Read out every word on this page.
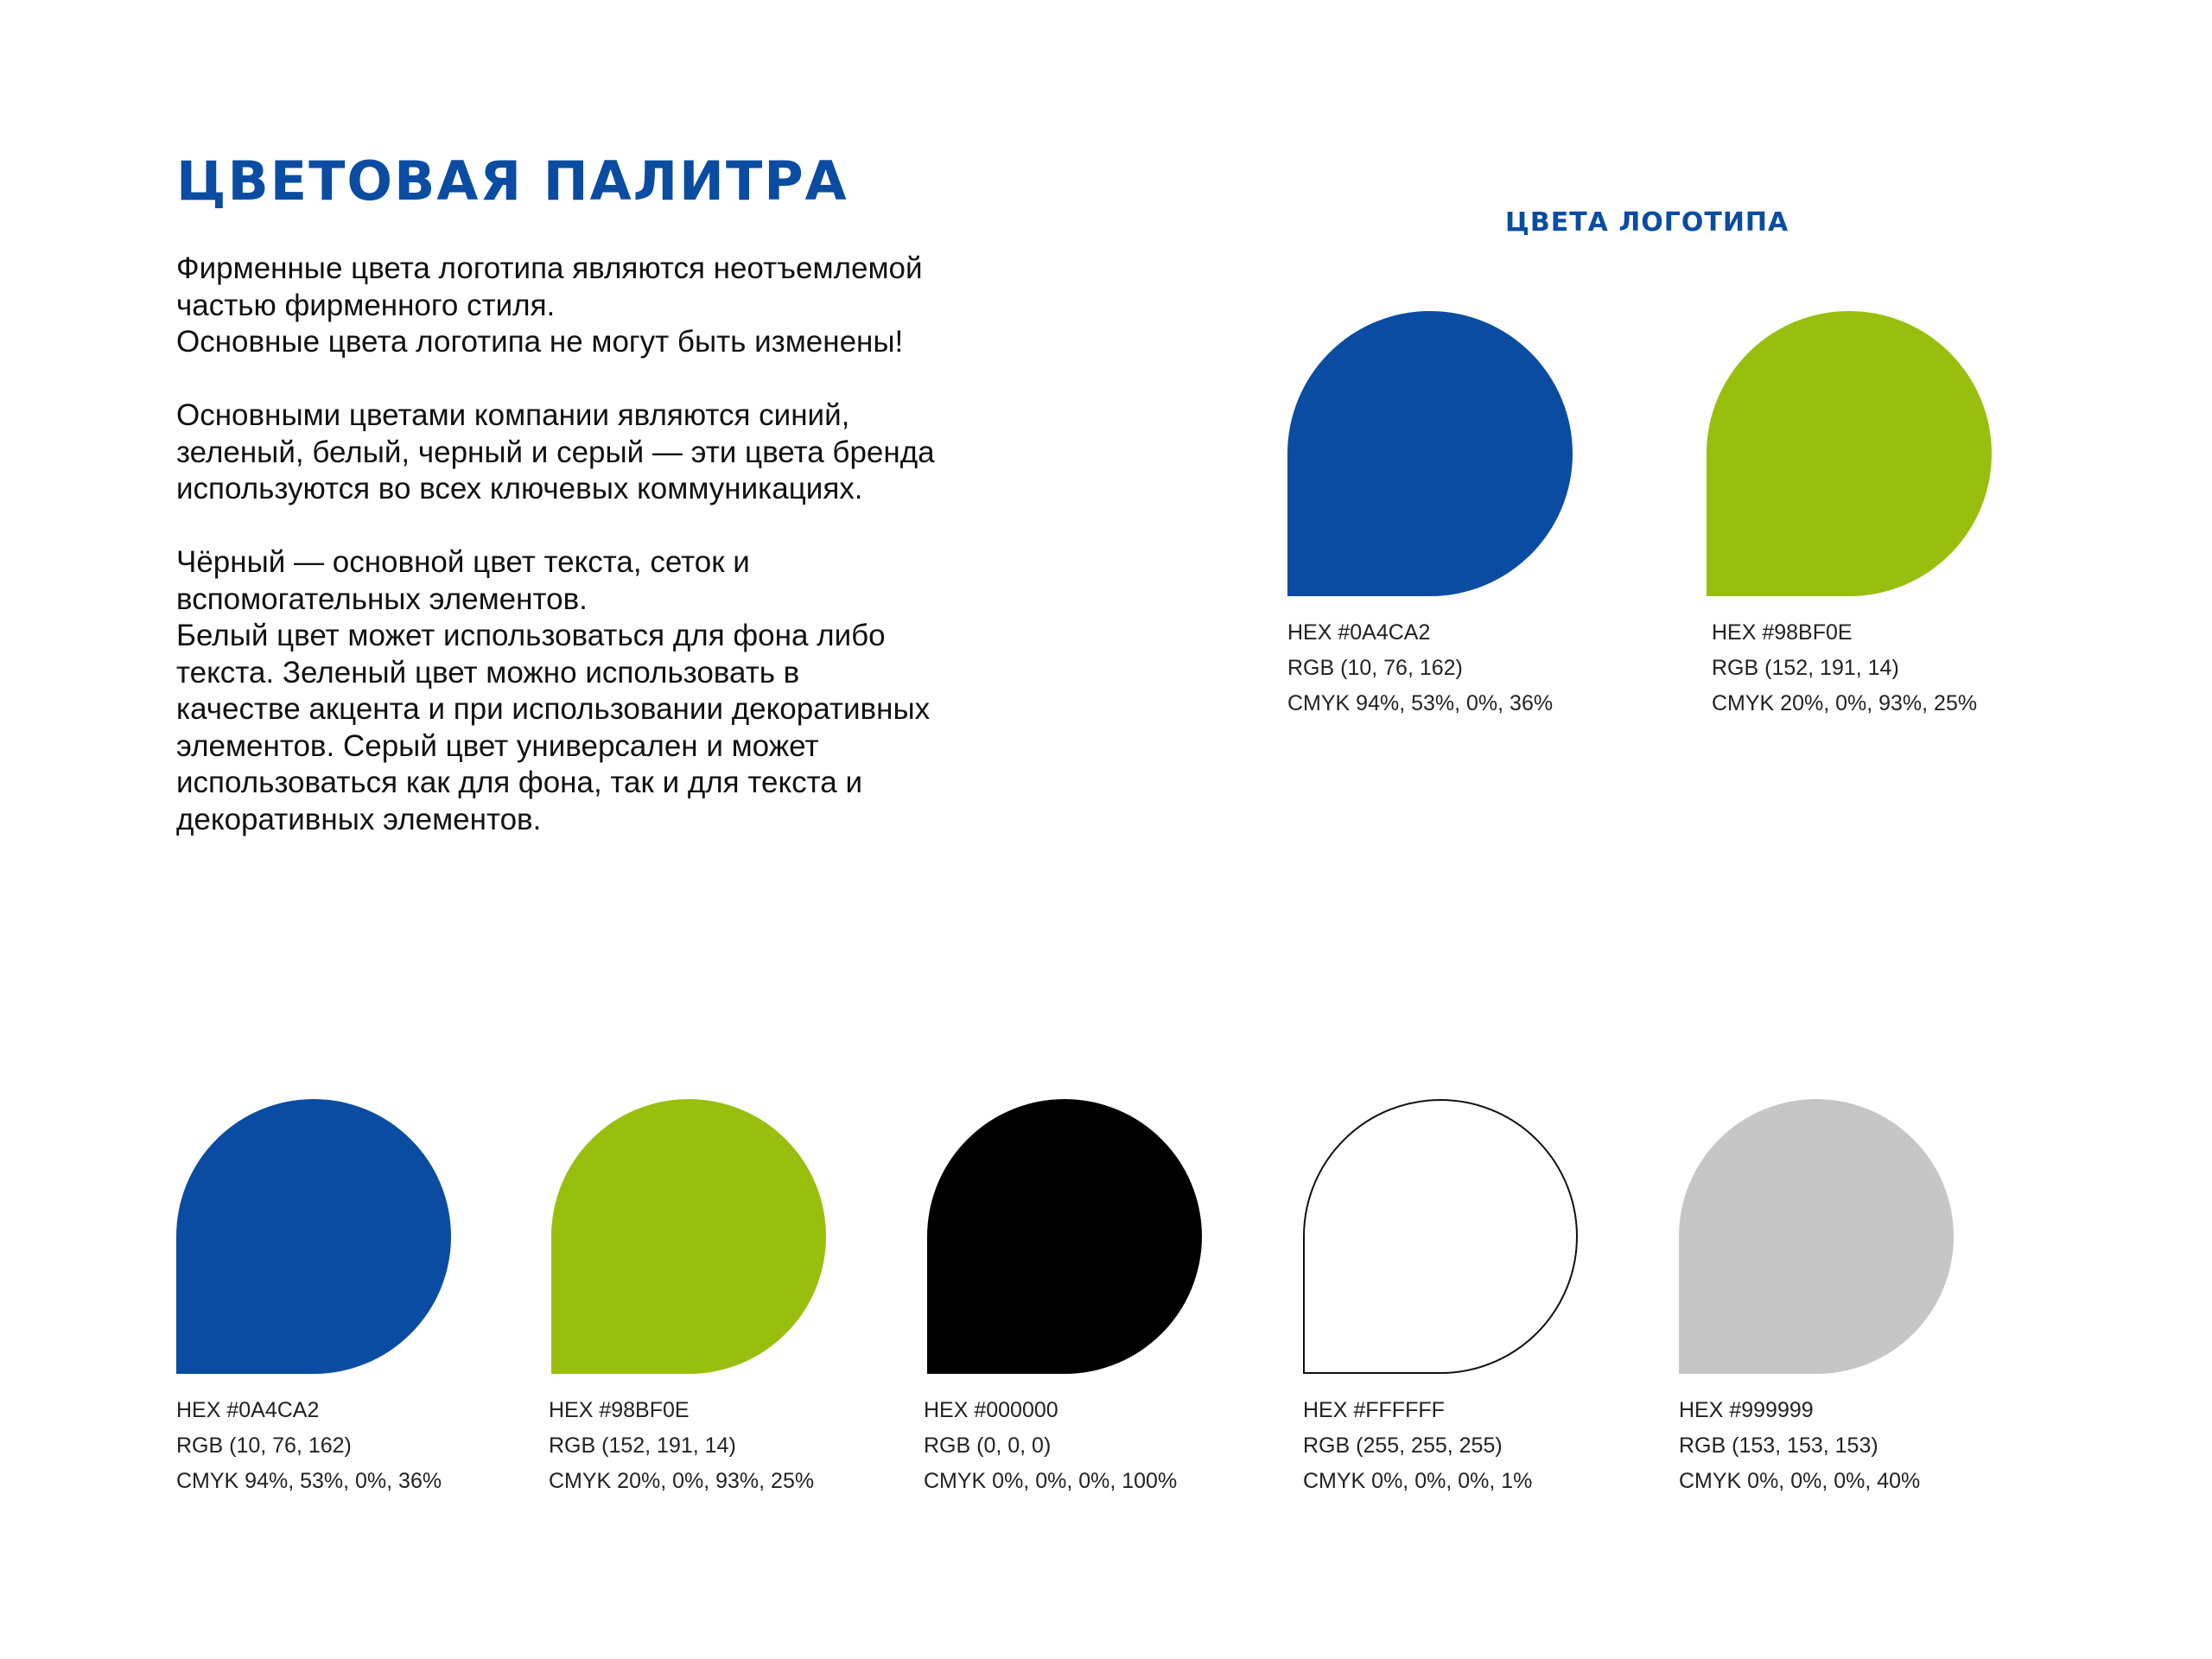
ЦВЕТОВАЯ ПАЛИТРА

Фирменные цвета логотипа являются неотъемлемой
частью фирменного стиля.
Основные цвета логотипа не могут быть изменены!

Основными цветами компании являются синий,
зеленый, белый, черный и серый — эти цвета бренда
используются во всех ключевых коммуникациях.

Чёрный — основной цвет текста, сеток и
вспомогательных элементов.
Белый цвет может использоваться для фона либо
текста. Зеленый цвет можно использовать в
качестве акцента и при использовании декоративных
элементов. Серый цвет универсален и может
использоваться как для фона, так и для текста и
декоративных элементов.

ЦВЕТА ЛОГОТИПА
HEX #0A4CA2
RGB (10, 76, 162)
CMYK 94%, 53%, 0%, 36%
HEX #98BF0E
RGB (152, 191, 14)
CMYK 20%, 0%, 93%, 25%
HEX #0A4CA2
RGB (10, 76, 162)
CMYK 94%, 53%, 0%, 36%
HEX #98BF0E
RGB (152, 191, 14)
CMYK 20%, 0%, 93%, 25%
HEX #000000
RGB (0, 0, 0)
CMYK 0%, 0%, 0%, 100%
HEX #FFFFFF
RGB (255, 255, 255)
CMYK 0%, 0%, 0%, 1%
HEX #999999
RGB (153, 153, 153)
CMYK 0%, 0%, 0%, 40%
